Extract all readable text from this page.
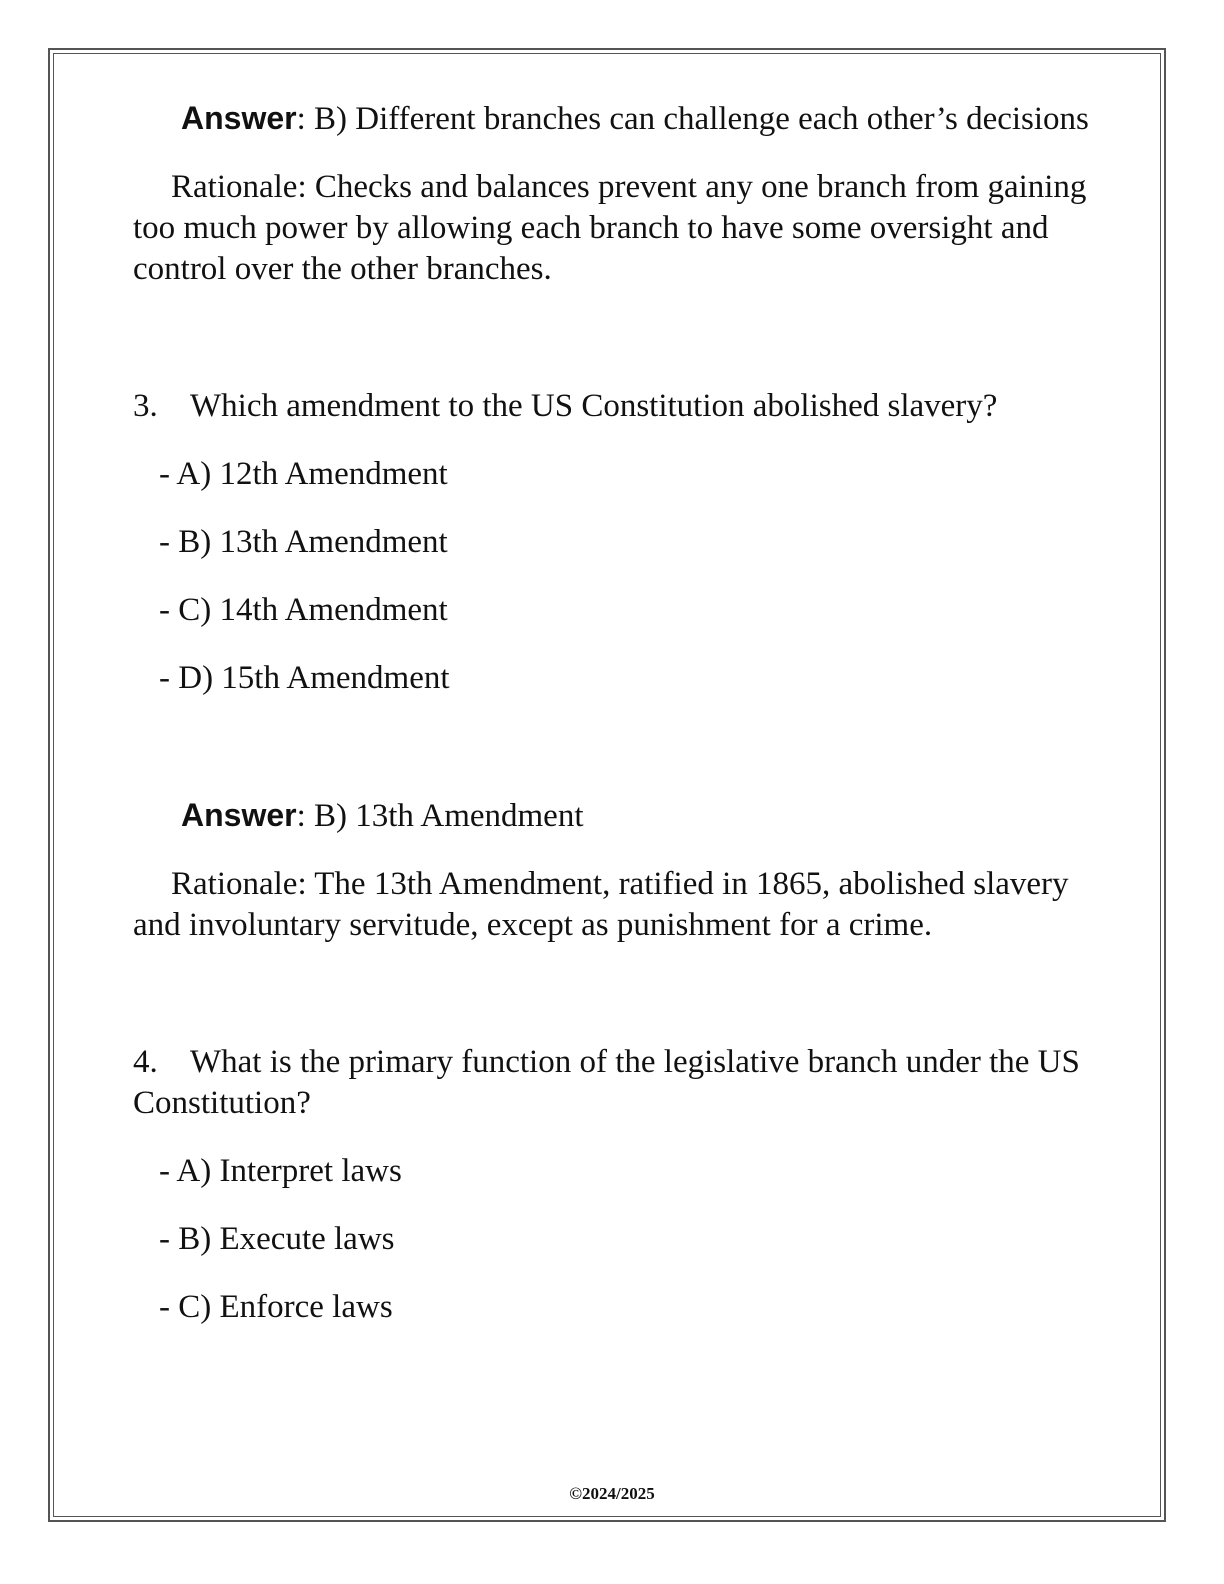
Answer: B) Different branches can challenge each other’s decisions

Rationale: Checks and balances prevent any one branch from gaining too much power by allowing each branch to have some oversight and control over the other branches.

3. Which amendment to the US Constitution abolished slavery?

- A) 12th Amendment

- B) 13th Amendment

- C) 14th Amendment

- D) 15th Amendment

Answer: B) 13th Amendment

Rationale: The 13th Amendment, ratified in 1865, abolished slavery and involuntary servitude, except as punishment for a crime.

4. What is the primary function of the legislative branch under the US Constitution?

- A) Interpret laws

- B) Execute laws

- C) Enforce laws

©2024/2025
